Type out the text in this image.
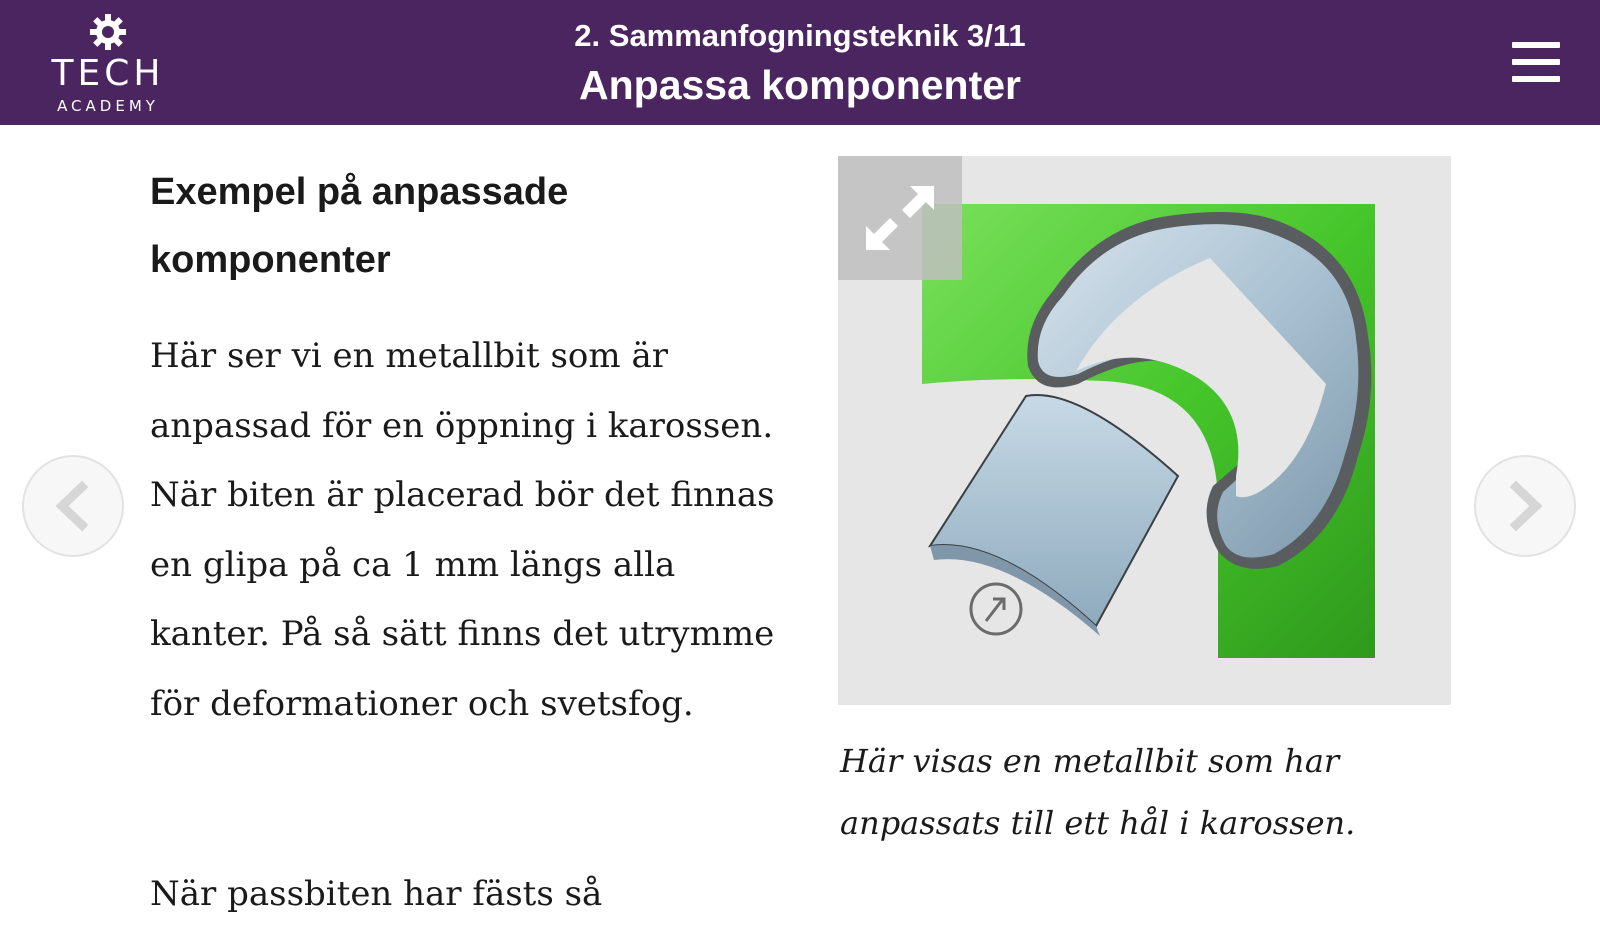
TECH
ACADEMY
2. Sammanfogningsteknik 3/11
Anpassa komponenter
Exempel på anpassade komponenter

Här ser vi en metallbit som är anpassad för en öppning i karossen. När biten är placerad bör det finnas en glipa på ca 1 mm längs alla kanter. På så sätt finns det utrymme för deformationer och svetsfog.

När passbiten har fästs så

Här visas en metallbit som har anpassats till ett hål i karossen.
